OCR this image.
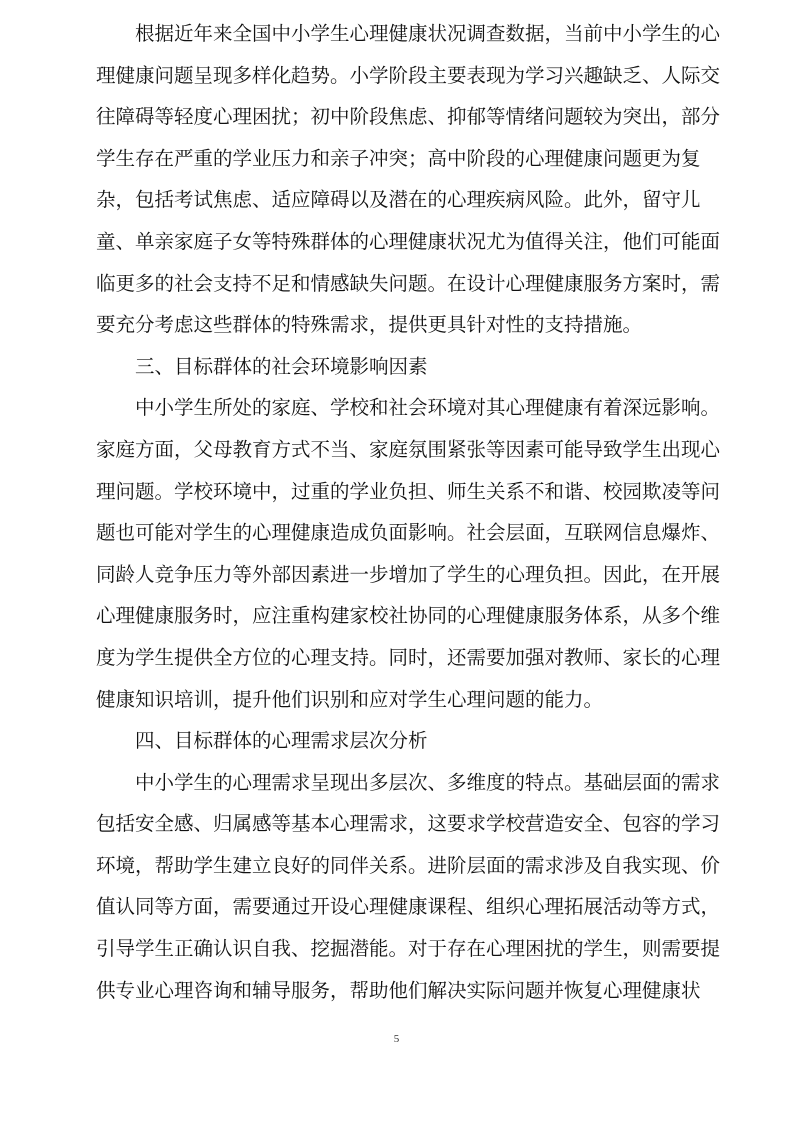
根据近年来全国中小学生心理健康状况调查数据，当前中小学生的心
理健康问题呈现多样化趋势。小学阶段主要表现为学习兴趣缺乏、人际交
往障碍等轻度心理困扰；初中阶段焦虑、抑郁等情绪问题较为突出，部分
学生存在严重的学业压力和亲子冲突；高中阶段的心理健康问题更为复
杂，包括考试焦虑、适应障碍以及潜在的心理疾病风险。此外，留守儿
童、单亲家庭子女等特殊群体的心理健康状况尤为值得关注，他们可能面
临更多的社会支持不足和情感缺失问题。在设计心理健康服务方案时，需
要充分考虑这些群体的特殊需求，提供更具针对性的支持措施。

三、目标群体的社会环境影响因素

中小学生所处的家庭、学校和社会环境对其心理健康有着深远影响。
家庭方面，父母教育方式不当、家庭氛围紧张等因素可能导致学生出现心
理问题。学校环境中，过重的学业负担、师生关系不和谐、校园欺凌等问
题也可能对学生的心理健康造成负面影响。社会层面，互联网信息爆炸、
同龄人竞争压力等外部因素进一步增加了学生的心理负担。因此，在开展
心理健康服务时，应注重构建家校社协同的心理健康服务体系，从多个维
度为学生提供全方位的心理支持。同时，还需要加强对教师、家长的心理
健康知识培训，提升他们识别和应对学生心理问题的能力。

四、目标群体的心理需求层次分析

中小学生的心理需求呈现出多层次、多维度的特点。基础层面的需求
包括安全感、归属感等基本心理需求，这要求学校营造安全、包容的学习
环境，帮助学生建立良好的同伴关系。进阶层面的需求涉及自我实现、价
值认同等方面，需要通过开设心理健康课程、组织心理拓展活动等方式，
引导学生正确认识自我、挖掘潜能。对于存在心理困扰的学生，则需要提
供专业心理咨询和辅导服务，帮助他们解决实际问题并恢复心理健康状

5
